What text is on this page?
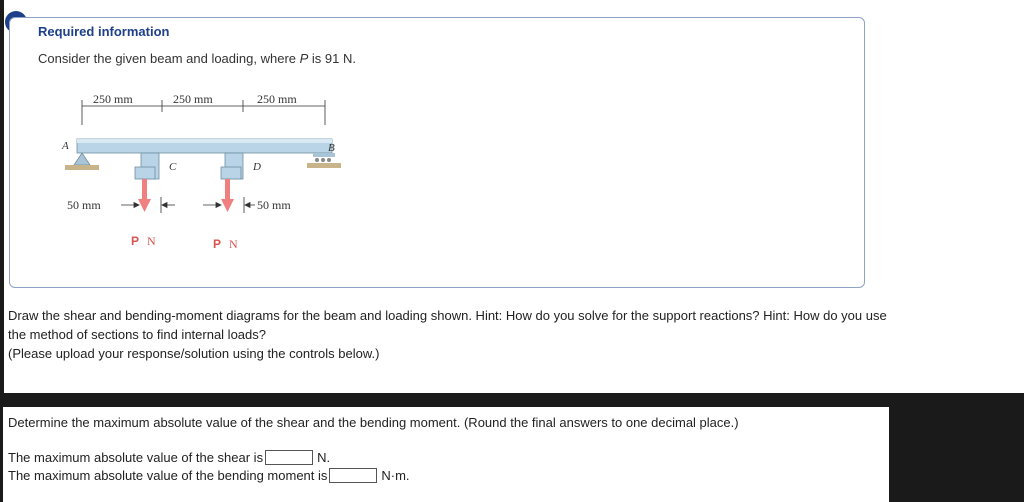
Required information
Consider the given beam and loading, where P is 91 N.
250 mm	250 mm	250 mm
A	B
C	D
50 mm	50 mm
P N	P N

Draw the shear and bending-moment diagrams for the beam and loading shown. Hint: How do you solve for the support reactions? Hint: How do you use

the method of sections to find internal loads?

(Please upload your response/solution using the controls below.)

Determine the maximum absolute value of the shear and the bending moment. (Round the final answers to one decimal place.)
The maximum absolute value of the shear is	N.
The maximum absolute value of the bending moment is	N·m.
